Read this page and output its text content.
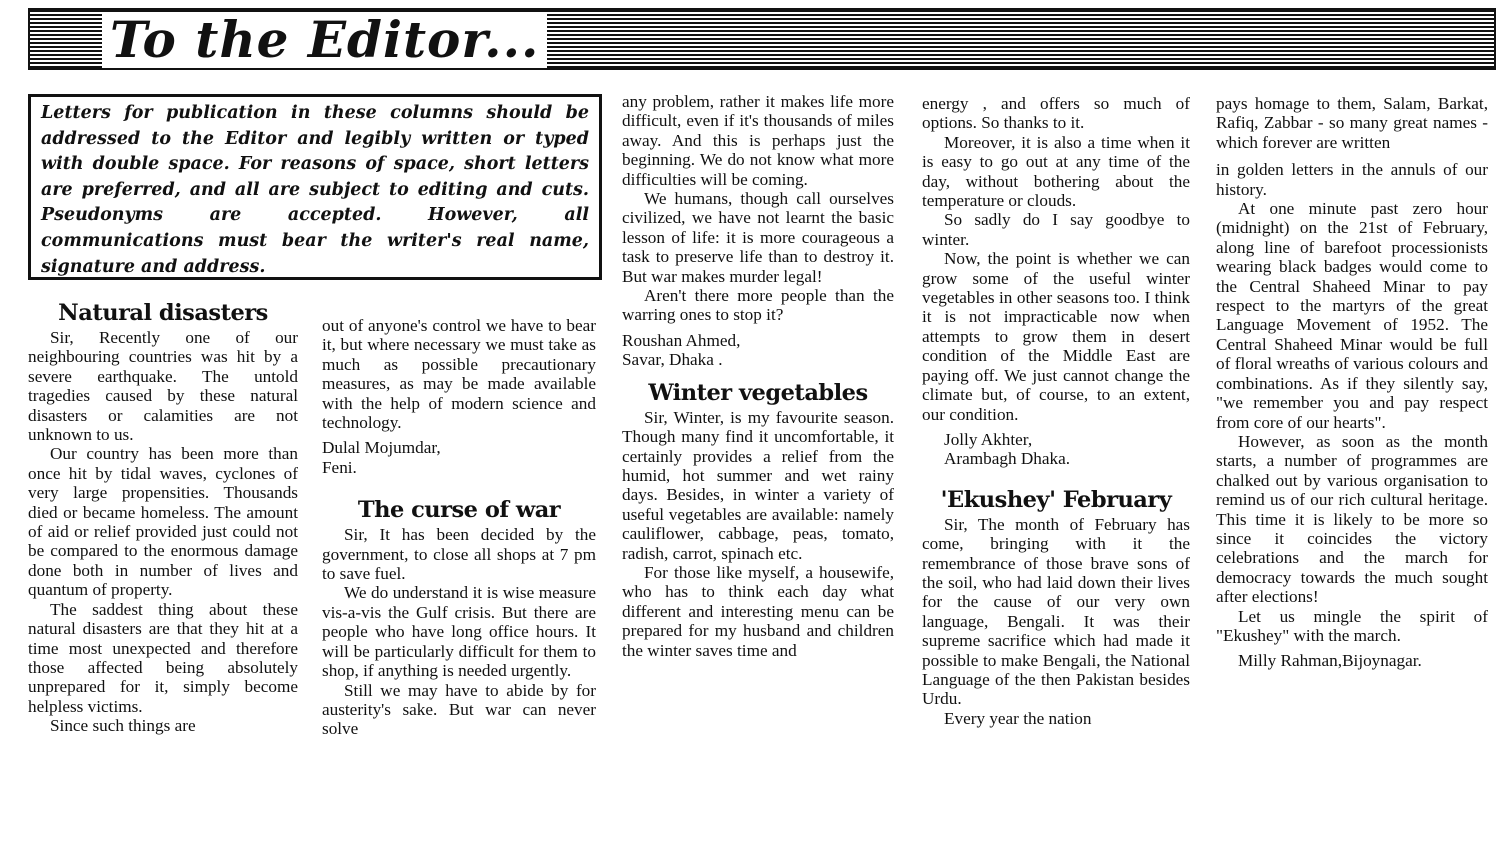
To the Editor...
Letters for publication in these columns should be addressed to the Editor and legibly written or typed with double space. For reasons of space, short letters are preferred, and all are subject to editing and cuts. Pseudonyms are accepted. However, all communications must bear the writer's real name, signature and address.
Natural disasters

Sir, Recently one of our neighbouring countries was hit by a severe earthquake. The untold tragedies caused by these natural disasters or calamities are not unknown to us.

Our country has been more than once hit by tidal waves, cyclones of very large propensities. Thousands died or became homeless. The amount of aid or relief provided just could not be compared to the enormous damage done both in number of lives and quantum of property.

The saddest thing about these natural disasters are that they hit at a time most unexpected and therefore those affected being absolutely unprepared for it, simply become helpless victims.

Since such things are

out of anyone's control we have to bear it, but where necessary we must take as much as possible precautionary measures, as may be made available with the help of modern science and technology.

Dulal Mojumdar,

Feni.

The curse of war

Sir, It has been decided by the government, to close all shops at 7 pm to save fuel.

We do understand it is wise measure vis-a-vis the Gulf crisis. But there are people who have long office hours. It will be particularly difficult for them to shop, if anything is needed urgently.

Still we may have to abide by for austerity's sake. But war can never solve

any problem, rather it makes life more difficult, even if it's thousands of miles away. And this is perhaps just the beginning. We do not know what more difficulties will be coming.

We humans, though call ourselves civilized, we have not learnt the basic lesson of life: it is more courageous a task to preserve life than to destroy it. But war makes murder legal!

Aren't there more people than the warring ones to stop it?

Roushan Ahmed,

Savar, Dhaka .

Winter vegetables

Sir, Winter, is my favourite season. Though many find it uncomfortable, it certainly provides a relief from the humid, hot summer and wet rainy days. Besides, in winter a variety of useful vegetables are available: namely cauliflower, cabbage, peas, tomato, radish, carrot, spinach etc.

For those like myself, a housewife, who has to think each day what different and interesting menu can be prepared for my husband and children the winter saves time and

energy , and offers so much of options. So thanks to it.

Moreover, it is also a time when it is easy to go out at any time of the day, without bothering about the temperature or clouds.

So sadly do I say goodbye to winter.

Now, the point is whether we can grow some of the useful winter vegetables in other seasons too. I think it is not impracticable now when attempts to grow them in desert condition of the Middle East are paying off. We just cannot change the climate but, of course, to an extent, our condition.

Jolly Akhter,

Arambagh Dhaka.

'Ekushey' February

Sir, The month of February has come, bringing with it the remembrance of those brave sons of the soil, who had laid down their lives for the cause of our very own language, Bengali. It was their supreme sacrifice which had made it possible to make Bengali, the National Language of the then Pakistan besides Urdu.

Every year the nation

pays homage to them, Salam, Barkat, Rafiq, Zabbar - so many great names - which forever are written

in golden letters in the annuls of our history.

At one minute past zero hour (midnight) on the 21st of February, along line of barefoot processionists wearing black badges would come to the Central Shaheed Minar to pay respect to the martyrs of the great Language Movement of 1952. The Central Shaheed Minar would be full of floral wreaths of various colours and combinations. As if they silently say, "we remember you and pay respect from core of our hearts".

However, as soon as the month starts, a number of programmes are chalked out by various organisation to remind us of our rich cultural heritage. This time it is likely to be more so since it coincides the victory celebrations and the march for democracy towards the much sought after elections!

Let us mingle the spirit of "Ekushey" with the march.

Milly Rahman,Bijoynagar.
